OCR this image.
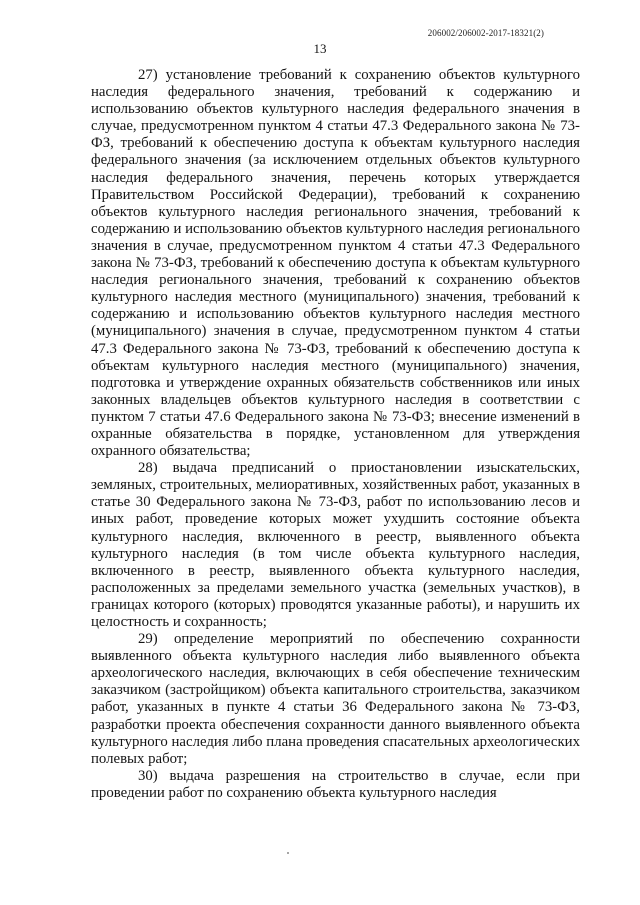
206002/206002-2017-18321(2)
13

27) установление требований к сохранению объектов культурного наследия федерального значения, требований к содержанию и использованию объектов культурного наследия федерального значения в случае, предусмотренном пунктом 4 статьи 47.3 Федерального закона № 73-ФЗ, требований к обеспечению доступа к объектам культурного наследия федерального значения (за исключением отдельных объектов культурного наследия федерального значения, перечень которых утверждается Правительством Российской Федерации), требований к сохранению объектов культурного наследия регионального значения, требований к содержанию и использованию объектов культурного наследия регионального значения в случае, предусмотренном пунктом 4 статьи 47.3 Федерального закона № 73-ФЗ, требований к обеспечению доступа к объектам культурного наследия регионального значения, требований к сохранению объектов культурного наследия местного (муниципального) значения, требований к содержанию и использованию объектов культурного наследия местного (муниципального) значения в случае, предусмотренном пунктом 4 статьи 47.3 Федерального закона № 73-ФЗ, требований к обеспечению доступа к объектам культурного наследия местного (муниципального) значения, подготовка и утверждение охранных обязательств собственников или иных законных владельцев объектов культурного наследия в соответствии с пунктом 7 статьи 47.6 Федерального закона № 73-ФЗ; внесение изменений в охранные обязательства в порядке, установленном для утверждения охранного обязательства;

28) выдача предписаний о приостановлении изыскательских, земляных, строительных, мелиоративных, хозяйственных работ, указанных в статье 30 Федерального закона № 73-ФЗ, работ по использованию лесов и иных работ, проведение которых может ухудшить состояние объекта культурного наследия, включенного в реестр, выявленного объекта культурного наследия (в том числе объекта культурного наследия, включенного в реестр, выявленного объекта культурного наследия, расположенных за пределами земельного участка (земельных участков), в границах которого (которых) проводятся указанные работы), и нарушить их целостность и сохранность;

29) определение мероприятий по обеспечению сохранности выявленного объекта культурного наследия либо выявленного объекта археологического наследия, включающих в себя обеспечение техническим заказчиком (застройщиком) объекта капитального строительства, заказчиком работ, указанных в пункте 4 статьи 36 Федерального закона № 73-ФЗ, разработки проекта обеспечения сохранности данного выявленного объекта культурного наследия либо плана проведения спасательных археологических полевых работ;

30) выдача разрешения на строительство в случае, если при проведении работ по сохранению объекта культурного наследия
